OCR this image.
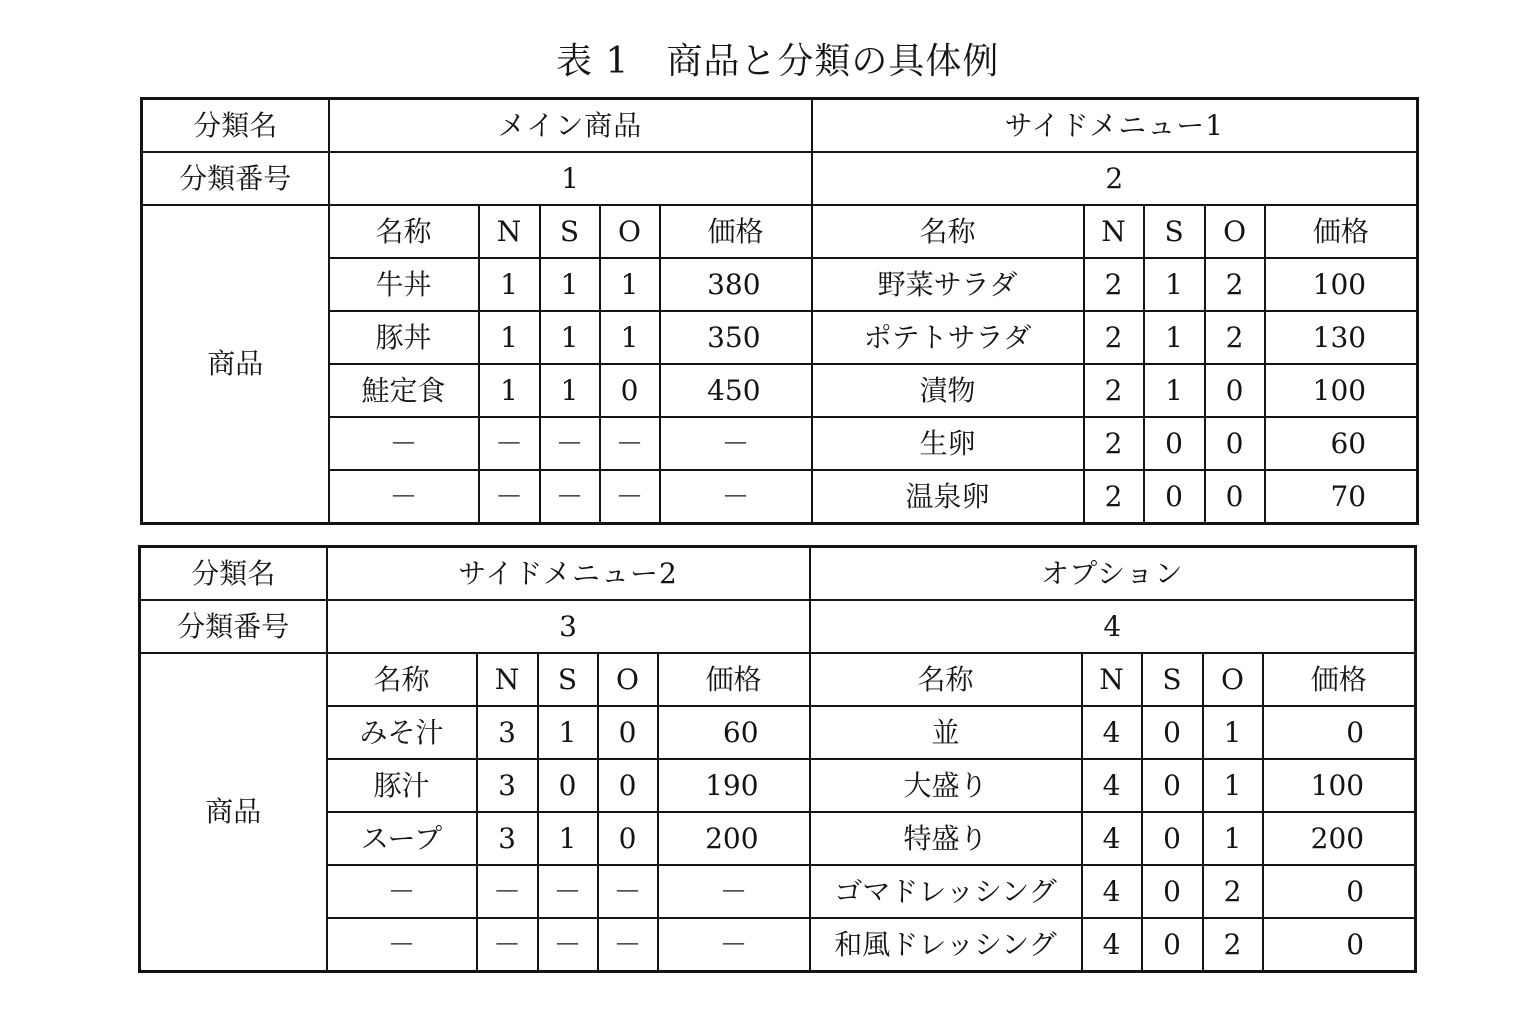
表 1　商品と分類の具体例
分類名	メイン商品					サイドメニュー1				
分類番号	1					2				
商品	名称	N	S	O	価格	名称	N	S	O	価格
	牛丼	1	1	1	380	野菜サラダ	2	1	2	100
	豚丼	1	1	1	350	ポテトサラダ	2	1	2	130
	鮭定食	1	1	0	450	漬物	2	1	0	100
	－	－	－	－	－	生卵	2	0	0	60
	－	－	－	－	－	温泉卵	2	0	0	70
分類名	サイドメニュー2					オプション				
分類番号	3					4				
商品	名称	N	S	O	価格	名称	N	S	O	価格
	みそ汁	3	1	0	60	並	4	0	1	0
	豚汁	3	0	0	190	大盛り	4	0	1	100
	スープ	3	1	0	200	特盛り	4	0	1	200
	－	－	－	－	－	ゴマドレッシング	4	0	2	0
	－	－	－	－	－	和風ドレッシング	4	0	2	0
